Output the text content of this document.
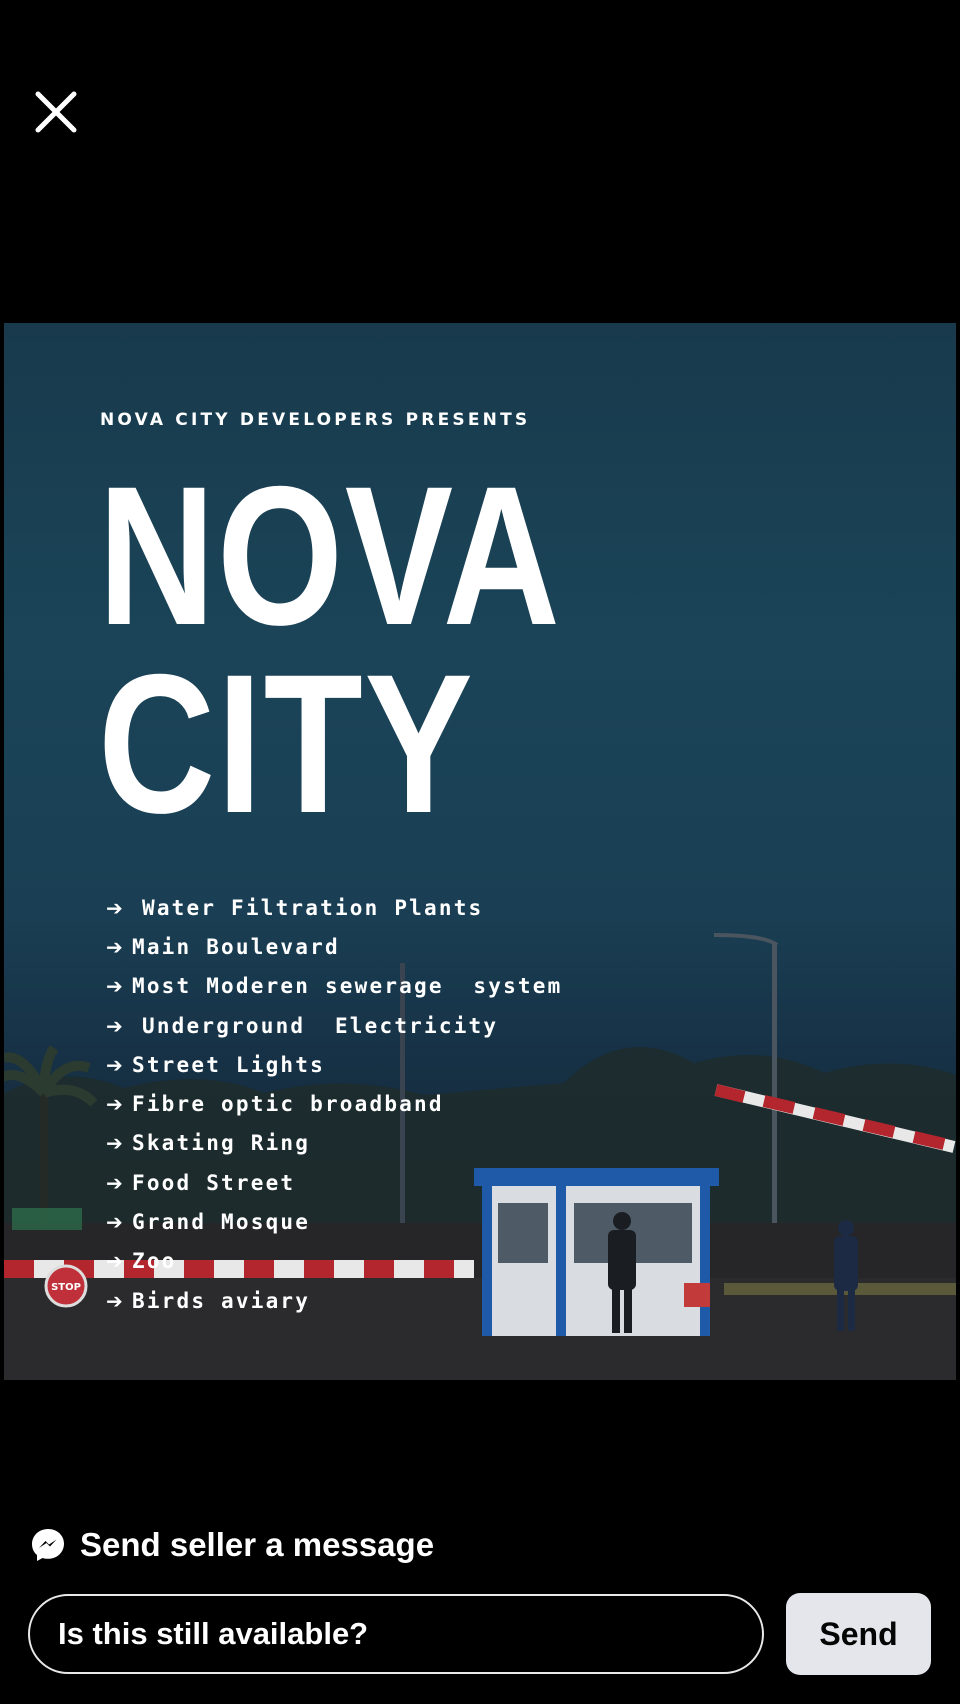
STOP
NOVA CITY DEVELOPERS PRESENTS
NOVA
CITY
➔ Water Filtration Plants
➔ Main Boulevard
➔ Most Moderen sewerage  system
➔ Underground  Electricity
➔ Street Lights
➔ Fibre optic broadband
➔ Skating Ring
➔ Food Street
➔ Grand Mosque
➔ Zoo
➔ Birds aviary
Send seller a message
Is this still available?
Send
